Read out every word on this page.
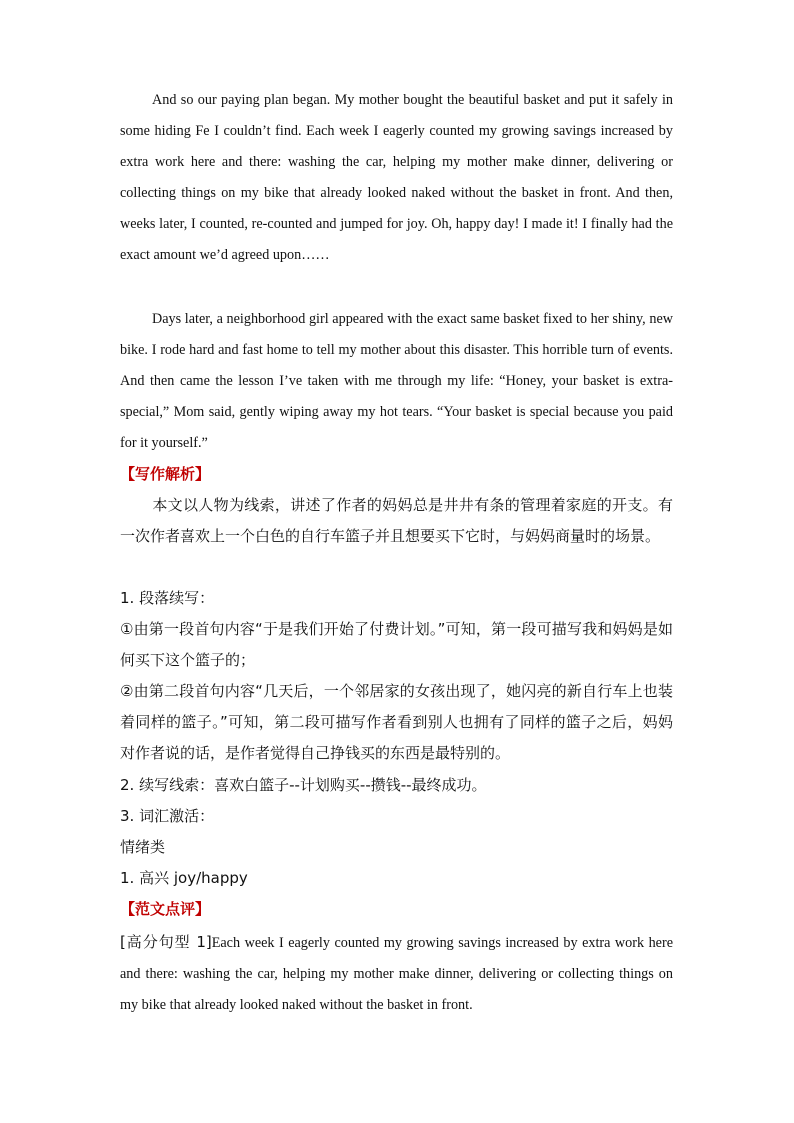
And so our paying plan began. My mother bought the beautiful basket and put it safely in some hiding Fe I couldn’t find. Each week I eagerly counted my growing savings increased by extra work here and there: washing the car, helping my mother make dinner, delivering or collecting things on my bike that already looked naked without the basket in front. And then, weeks later, I counted, re-counted and jumped for joy. Oh, happy day! I made it! I finally had the exact amount we’d agreed upon……

Days later, a neighborhood girl appeared with the exact same basket fixed to her shiny, new bike. I rode hard and fast home to tell my mother about this disaster. This horrible turn of events. And then came the lesson I’ve taken with me through my life: “Honey, your basket is extra-special,” Mom said, gently wiping away my hot tears. “Your basket is special because you paid for it yourself.”

【写作解析】

本文以人物为线索，讲述了作者的妈妈总是井井有条的管理着家庭的开支。有一次作者喜欢上一个白色的自行车篮子并且想要买下它时，与妈妈商量时的场景。

1. 段落续写：

①由第一段首句内容“于是我们开始了付费计划。”可知，第一段可描写我和妈妈是如何买下这个篮子的；

②由第二段首句内容“几天后，一个邻居家的女孩出现了，她闪亮的新自行车上也装着同样的篮子。”可知，第二段可描写作者看到别人也拥有了同样的篮子之后，妈妈对作者说的话，是作者觉得自己挣钱买的东西是最特别的。

2. 续写线索：喜欢白篮子--计划购买--攒钱--最终成功。
3. 词汇激活：
情绪类
1. 高兴 joy/happy
【范文点评】

[高分句型 1]Each week I eagerly counted my growing savings increased by extra work here and there: washing the car, helping my mother make dinner, delivering or collecting things on my bike that already looked naked without the basket in front.
